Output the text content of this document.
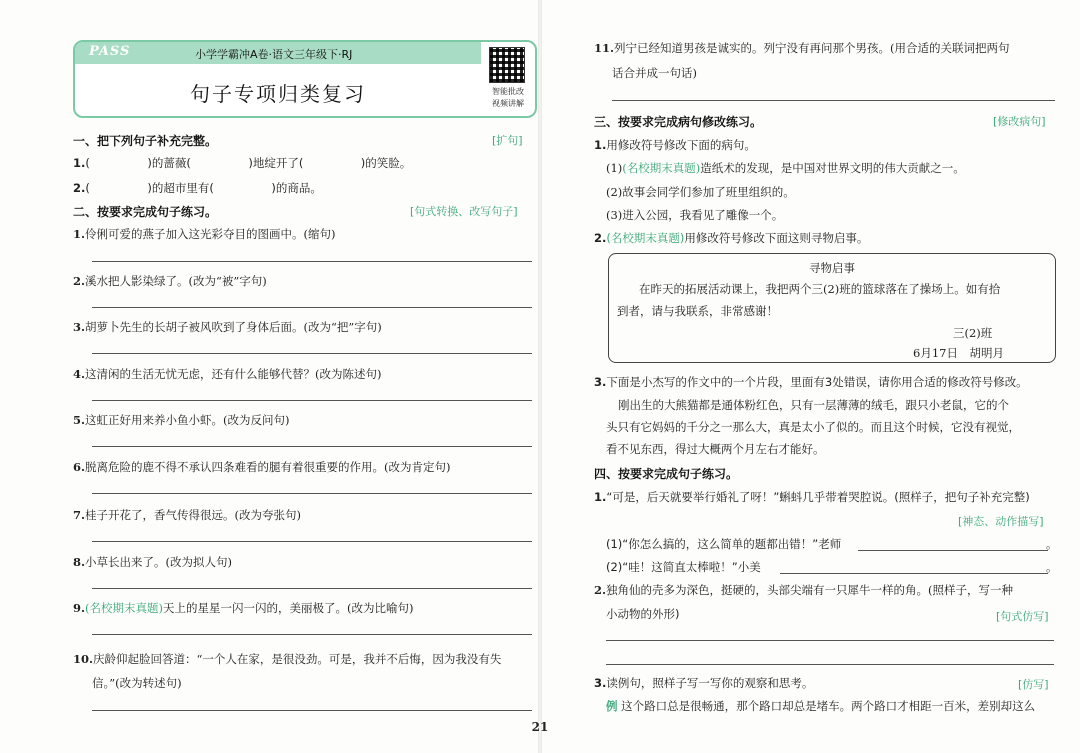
PASS	小学学霸冲A卷·语文三年级下·RJ
句子专项归类复习	智能批改
视频讲解
一、把下列句子补充完整。	[扩句]
1.(　　　　　)的蔷薇(　　　　　)地绽开了(　　　　　)的笑脸。
2.(　　　　　)的超市里有(　　　　　)的商品。
二、按要求完成句子练习。	[句式转换、改写句子]
1.伶俐可爱的燕子加入这光彩夺目的图画中。(缩句)
2.溪水把人影染绿了。(改为“被”字句)
3.胡萝卜先生的长胡子被风吹到了身体后面。(改为“把”字句)
4.这清闲的生活无忧无虑，还有什么能够代替？(改为陈述句)
5.这虹正好用来养小鱼小虾。(改为反问句)
6.脱离危险的鹿不得不承认四条难看的腿有着很重要的作用。(改为肯定句)
7.桂子开花了，香气传得很远。(改为夸张句)
8.小草长出来了。(改为拟人句)
9.(名校期末真题)天上的星星一闪一闪的，美丽极了。(改为比喻句)
10.庆龄仰起脸回答道：“一个人在家，是很没劲。可是，我并不后悔，因为我没有失
信。”(改为转述句)
11.列宁已经知道男孩是诚实的。列宁没有再问那个男孩。(用合适的关联词把两句
话合并成一句话)
三、按要求完成病句修改练习。	[修改病句]
1.用修改符号修改下面的病句。
(1)(名校期末真题)造纸术的发现，是中国对世界文明的伟大贡献之一。
(2)故事会同学们参加了班里组织的。
(3)进入公园，我看见了雕像一个。
2.(名校期末真题)用修改符号修改下面这则寻物启事。
寻物启事
在昨天的拓展活动课上，我把两个三(2)班的篮球落在了操场上。如有拾
到者，请与我联系，非常感谢！
三(2)班
6月17日　胡明月
3.下面是小杰写的作文中的一个片段，里面有3处错误，请你用合适的修改符号修改。
刚出生的大熊猫都是通体粉红色，只有一层薄薄的绒毛，跟只小老鼠，它的个
头只有它妈妈的千分之一那么大，真是太小了似的。而且这个时候，它没有视觉，
看不见东西，得过大概两个月左右才能好。
四、按要求完成句子练习。
1.“可是，后天就要举行婚礼了呀！”蝌蚪几乎带着哭腔说。(照样子，把句子补充完整)
[神态、动作描写]
(1)“你怎么搞的，这么简单的题都出错！”老师	。
(2)“哇！这简直太棒啦！”小美	。
2.独角仙的壳多为深色，挺硬的，头部尖端有一只犀牛一样的角。(照样子，写一种
小动物的外形)	[句式仿写]
3.读例句，照样子写一写你的观察和思考。	[仿写]
例 这个路口总是很畅通，那个路口却总是堵车。两个路口才相距一百米，差别却这么
21
